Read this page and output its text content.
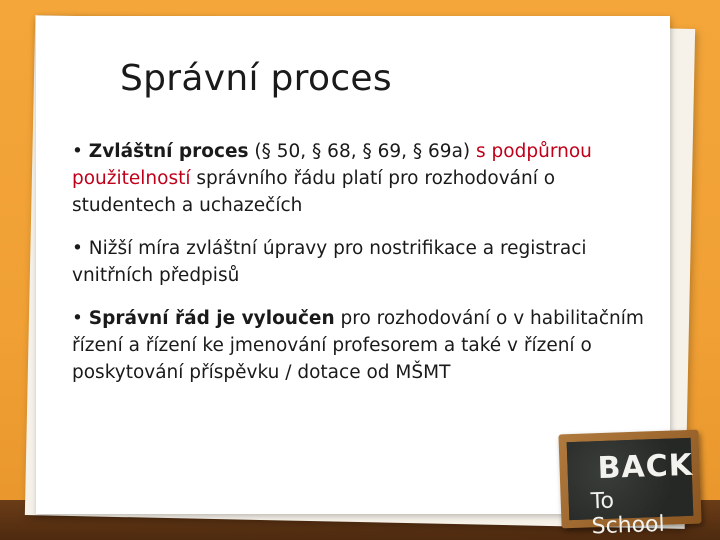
Správní proces
• Zvláštní proces (§ 50, § 68, § 69, § 69a) s podpůrnou použitelností správního řádu platí pro rozhodování o studentech a uchazečích
• Nižší míra zvláštní úpravy pro nostrifikace a registraci vnitřních předpisů
• Správní řád je vyloučen pro rozhodování o v habilitačním řízení a řízení ke jmenování profesorem a také v řízení o poskytování příspěvku / dotace od MŠMT
BACK
To School
